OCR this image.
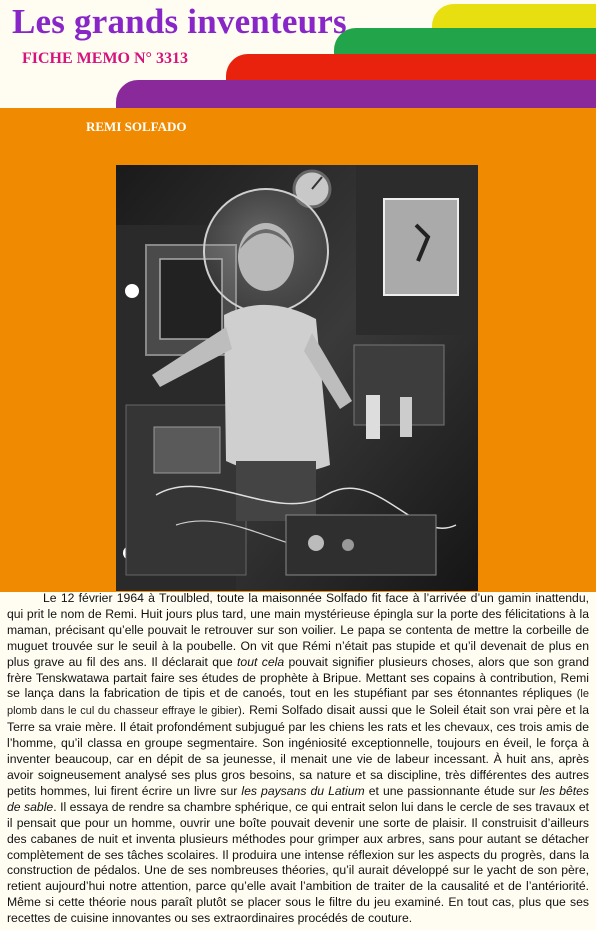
Les grands inventeurs
FICHE MEMO N° 3313
REMI SOLFADO

Le 12 février 1964 à Troulbled, toute la maisonnée Solfado fit face à l’arrivée d’un gamin inattendu, qui prit le nom de Remi. Huit jours plus tard, une main mystérieuse épingla sur la porte des félicitations à la maman, précisant qu’elle pouvait le retrouver sur son voilier. Le papa se contenta de mettre la corbeille de muguet trouvée sur le seuil à la poubelle. On vit que Rémi n’était pas stupide et qu’il devenait de plus en plus grave au fil des ans. Il déclarait que tout cela pouvait signifier plusieurs choses, alors que son grand frère Tenskwatawa partait faire ses études de prophète à Bripue. Mettant ses copains à contribution, Remi se lança dans la fabrication de tipis et de canoés, tout en les stupéfiant par ses étonnantes répliques (le plomb dans le cul du chasseur effraye le gibier). Remi Solfado disait aussi que le Soleil était son vrai père et la Terre sa vraie mère. Il était profondément subjugué par les chiens les rats et les chevaux, ces trois amis de l’homme, qu’il classa en groupe segmentaire. Son ingéniosité exceptionnelle, toujours en éveil, le força à inventer beaucoup, car en dépit de sa jeunesse, il menait une vie de labeur incessant. À huit ans, après avoir soigneusement analysé ses plus gros besoins, sa nature et sa discipline, très différentes des autres petits hommes, lui firent écrire un livre sur les paysans du Latium et une passionnante étude sur les bêtes de sable. Il essaya de rendre sa chambre sphérique, ce qui entrait selon lui dans le cercle de ses travaux et il pensait que pour un homme, ouvrir une boîte pouvait devenir une sorte de plaisir. Il construisit d’ailleurs des cabanes de nuit et inventa plusieurs méthodes pour grimper aux arbres, sans pour autant se détacher complètement de ses tâches scolaires. Il produira une intense réflexion sur les aspects du progrès, dans la construction de pédalos. Une de ses nombreuses théories, qu’il aurait développé sur le yacht de son père, retient aujourd’hui notre attention, parce qu’elle avait l’ambition de traiter de la causalité et de l’antériorité. Même si cette théorie nous paraît plutôt se placer sous le filtre du jeu examiné. En tout cas, plus que ses recettes de cuisine innovantes ou ses extraordinaires procédés de couture.
